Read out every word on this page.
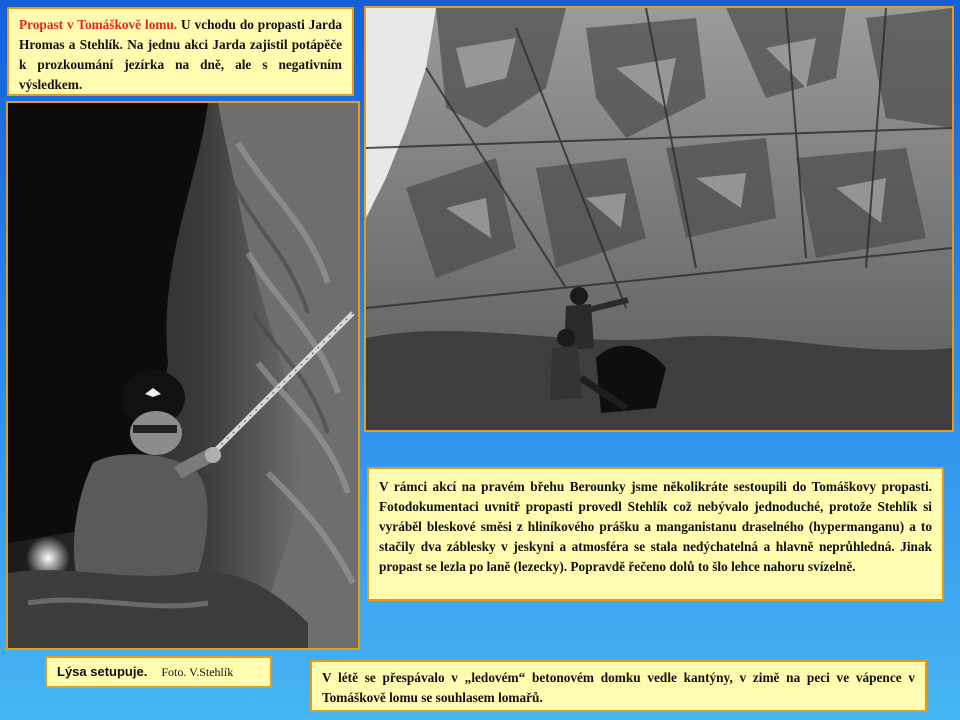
Propast v Tomáškově lomu. U vchodu do propasti Jarda Hromas a Stehlík. Na jednu akci Jarda zajistil potápěče k prozkoumání jezírka na dně, ale s negativním výsledkem.

V rámci akcí na pravém břehu Berounky jsme několikráte sestoupili do Tomáškovy propasti. Fotodokumentaci uvnitř propasti provedl Stehlík což nebývalo jednoduché, protože Stehlík si vyráběl bleskové směsi z hliníkového prášku a manganistanu draselného (hypermanganu) a to stačily dva záblesky v jeskyni a atmosféra se stala nedýchatelná a hlavně neprůhledná. Jinak propast se lezla po laně (lezecky). Popravdě řečeno dolů to šlo lehce nahoru svízelně.

Lýsa setupuje. Foto. V.Stehlík	V létě se přespávalo v „ledovém“ betonovém domku vedle kantýny, v zimě na peci ve vápence v Tomáškově lomu se souhlasem lomařů.
